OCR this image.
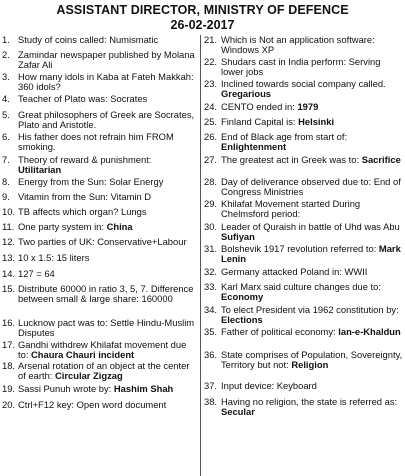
ASSISTANT DIRECTOR, MINISTRY OF DEFENCE
26-02-2017
1. Study of coins called: Numismatic
2. Zamindar newspaper published by Molana Zafar Ali
3. How many idols in Kaba at Fateh Makkah: 360 idols?
4. Teacher of Plato was: Socrates
5. Great philosophers of Greek are Socrates, Plato and Aristotle.
6. His father does not refrain him FROM smoking.
7. Theory of reward & punishment: Utilitarian
8. Energy from the Sun: Solar Energy
9. Vitamin from the Sun: Vitamin D
10. TB affects which organ? Lungs
11. One party system in: China
12. Two parties of UK: Conservative+Labour
13. 10 x 1.5: 15 liters
14. 127 = 64
15. Distribute 60000 in ratio 3, 5, 7. Difference between small & large share: 160000
16. Lucknow pact was to: Settle Hindu-Muslim Disputes
17. Gandhi withdrew Khilafat movement due to: Chaura Chauri incident
18. Arsenal rotation of an object at the center of earth: Circular Zigzag
19. Sassi Punuh wrote by: Hashim Shah
20. Ctrl+F12 key: Open word document
21. Which is Not an application software: Windows XP
22. Shudars cast in India perform: Serving lower jobs
23. Inclined towards social company called. Gregarious
24. CENTO ended in: 1979
25. Finland Capital is: Helsinki
26. End of Black age from start of: Enlightenment
27. The greatest act in Greek was to: Sacrifice
28. Day of deliverance observed due to: End of Congress Ministries
29. Khilafat Movement started During Chelmsford period:
30. Leader of Quraish in battle of Uhd was Abu Sufiyan
31. Bolshevik 1917 revolution referred to: Mark Lenin
32. Germany attacked Poland in: WWII
33. Karl Marx said culture changes due to: Economy
34. To elect President via 1962 constitution by: Elections
35. Father of political economy: Ian-e-Khaldun
36. State comprises of Population, Sovereignty, Territory but not: Religion
37. Input device: Keyboard
38. Having no religion, the state is referred as: Secular
